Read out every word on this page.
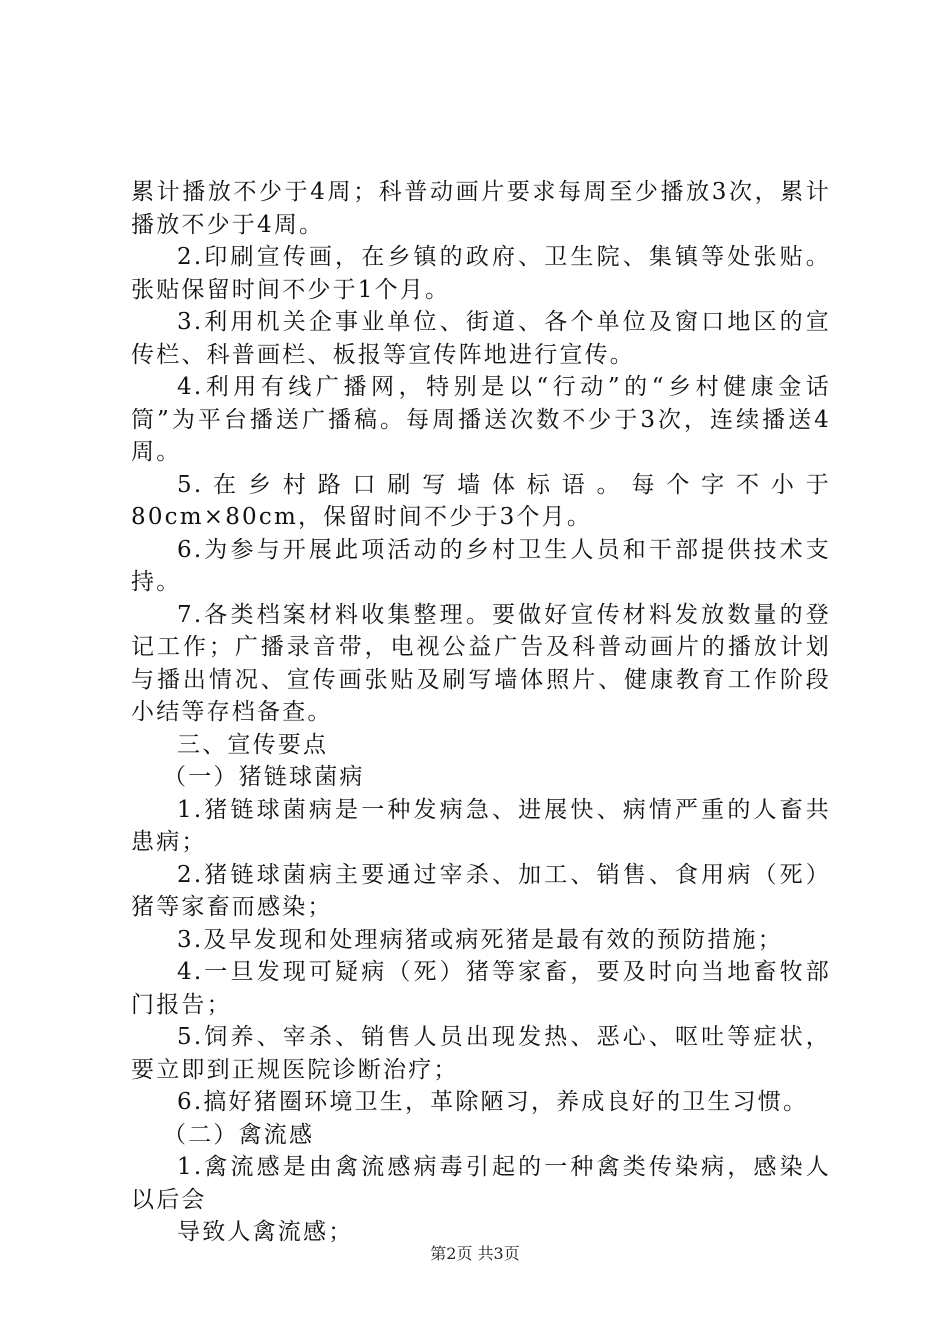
累计播放不少于4周；科普动画片要求每周至少播放3次，累计播放不少于4周。

2.印刷宣传画，在乡镇的政府、卫生院、集镇等处张贴。张贴保留时间不少于1个月。

3.利用机关企事业单位、街道、各个单位及窗口地区的宣传栏、科普画栏、板报等宣传阵地进行宣传。

4.利用有线广播网，特别是以“行动”的“乡村健康金话筒”为平台播送广播稿。每周播送次数不少于3次，连续播送4周。

5.在乡村路口刷写墙体标语。每个字不小于80cm×80cm，保留时间不少于3个月。

6.为参与开展此项活动的乡村卫生人员和干部提供技术支持。

7.各类档案材料收集整理。要做好宣传材料发放数量的登记工作；广播录音带，电视公益广告及科普动画片的播放计划与播出情况、宣传画张贴及刷写墙体照片、健康教育工作阶段小结等存档备查。

三、宣传要点

（一）猪链球菌病

1.猪链球菌病是一种发病急、进展快、病情严重的人畜共患病；

2.猪链球菌病主要通过宰杀、加工、销售、食用病（死）猪等家畜而感染；

3.及早发现和处理病猪或病死猪是最有效的预防措施；

4.一旦发现可疑病（死）猪等家畜，要及时向当地畜牧部门报告；

5.饲养、宰杀、销售人员出现发热、恶心、呕吐等症状，要立即到正规医院诊断治疗；

6.搞好猪圈环境卫生，革除陋习，养成良好的卫生习惯。

（二）禽流感

1.禽流感是由禽流感病毒引起的一种禽类传染病，感染人以后会

导致人禽流感；

第2页 共3页
